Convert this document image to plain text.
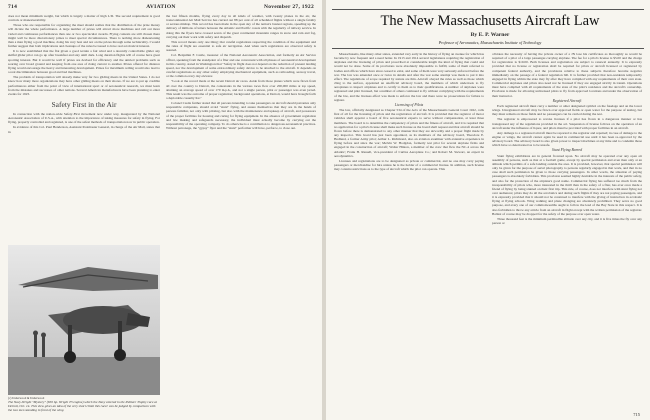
714	AVIATION	November 27, 1922

does not mean minimum weight, but which is largely a matter of high L/D. The second requirement is good controls or maneuverability.

Those who are responsible for organizing the meet should realize that the distribution of the prize money will dictate the whole performance. A large number of prizes will attract more machines and call out more varied and continuous performances than one or two spectacular awards. Flying contests are still chosen there might well be more discretionary prizes to meet special circumstances. There is nothing more disheartening than a man flying a good machine, doing his very best and not on the prizes through some technicality. I would further suggest that both triplications and cleanups of the rules be issued to have real acrobatical interest.

It is now established that the flat given a good terrain a fair wind and a decently controllable glider any skilful glider pilot can go up after breakfast and stay until dark. Long duration flights will of course have great sporting interest. But it would be well if prizes are devised for efficiency and the untried problems such as soaring over broad ground and keeping from one area of rising current to another. Prizes offered for distance flying would encourage the heavy and interesting development. Prizes for maximum ceiling would also lead to a real discrimination between good and bad machines.

The problem of transportation will already make very far two gliding meets in the United States. I do not know how many more organizations may have other gliding meets on their shores. If we are to put up credible performances either from the point of view of international sport or of aeronautical research, we must learn from the mistakes and successes of other nations. Several American manufacturers have been planning to enter events for 1923.

Safety First in the Air

In connection with the nation-wide Safety-First movement now under way, inaugurated by the National Aeronautic Association of U.S.A., with attention to the importance of taking measures for safety in flying. For flying, properly controlled and regulated, is one of the safest methods of transportation now in public operation.

In evidence of this Col. Paul Henderson, Assistant Postmaster General, in charge of the Air Mail, states that in

the last fifteen months, flying every day in all kinds of weather, with twenty planes in the air, the transcontinental Air Mail Service has carried out 88 per cent of all scheduled flights without a single fatality or serious mishap. This record has been made in the open sky of the nation's busiest regions, speeding up the delivery of millions of letters between the Atlantic and Pacific coasts with the regularity of railway service. In doing this the flyers have crossed seven of the great continental mountain ranges in snow and rain and fog, carrying out their work with safety and dispatch.

This record means only one thing; that careful regulations respecting the condition of the equipment and the rules of flight are essential to safe air navigation. And when such regulations are observed safety is assured.

Col. Benjamin F. Castle, treasurer of the National Aeronautic Association, and formerly an Air Service officer, speaking from the standpoint of a flier and one conversant with all phases of aeronautical development in this country, stated in Washington that "Safety in flight does not depend on the reduction of present landing speed, nor the development of some extraordinary safety device to be attached to the aircraft. It depends on careful regulations as any other safety employing mechanical equipment, such as railroading, seaway travel, or the common every day elevator.

"Look at the record made at the recent Detroit air races. Aside from those planes which were flown from all over the country to Detroit, the contestants in the various races flew over 200,000 miles at top speed, attaining an average speed of over 170 m.p.h., and not a single person, pilot or passenger was even jarred. This result was the outcome of proper regulation; background operations, at Detroit, would have brought forth a deplorable casualty list."

Colonel Castle further stated that all persons intending to take passengers on aircraft should patronize only responsible companies, should avoid "stunt" flying, and assure themselves that they are in the hands of persons familiar, not only with piloting, but also with the maintenance and upkeep of aircraft, and possessors of the proper facilities for housing and caring for flying equipment. In the absence of government regulation and law making and safeguards necessary, the individual must actually become by carrying out the responsibility of the operating company. To do otherwise is a contribution to dangerous aeronautical practices. Without patronage, the "gypsy" flyer and the "stunt" performer will have, perforce, to close out.

(c) Underwood & Underwood
The Navy-Wright "Mystery" (650 hp. Wright T3 engine) which the Navy entered in the Pulitzer Trophy race at Detroit, Oct. 14. This view gives an idea of the very short climb this racer can be judged by comparison with the two men standing in front of the wing
The New Massachusetts Aircraft Law
By E. P. Warner
Professor of Aeronautics, Massachusetts Institute of Technology

Massachusetts, like many other states, extended very early in the history of flying an avenue for which has become by now frequent and a need better. In 1913 and 1914 several legislatures requiring the registration of airplanes and the licensing of pilots and proscribed at considerable length the kind of flying that could and would not be done. Some of its provisions were absolutely impossible to fulfill, some of them referred to bodies and offices which have since ceased to exist, and some of them were very seriously enforced before the war. The law was amended once or twice in details and after the war some attempt was made to put it into effect. The regulations of scope required by statute are thin. Aircraft obeyed the rules as well as those which cling to the surface, appointed an unofficial advisory board, the members of which undertook to fly aeroplanes to inspect airplanes and to certify to them as to their qualifications. A number of airplanes were registered and pilot licensed, but a number of others continued to fly without complying with the requirements of the law, and the licenses effect was made to enforce the law and there were no prosecutions for failure to register.

Licensing of Pilots

The law, officially designated as Chapter 534 of the Acts of the Massachusetts General Court 1922, calls first of all for the licensing of pilots and the registration of aircraft. It is provided that the registrar of motor vehicles shall appoint a board of five aeronautical experts to serve without compensation, at least three members. The board is to determine the competency of pilots and the fitness of aircraft, and it is required that no application for a pilot's license shall make such license as the board shall request and that aircraft should be flown before there is demonstrated to any other manner that they are airworthy and a proper flight made by any inspector. This board has just been appointed, as its members of the advisory board, Theodore E. Hedlund, a former Army pilot; Arthur L. Richmond, also an aviation examiner with extensive experience in flying before and since the war; Melvin W. Hodgdon, formerly test pilot for several airplane firms and engaged in the construction of aircraft; Walter Hinton, a member of the crew that flew the NC-4 across the Atlantic; Frank H. Russell, vice-president of Curtiss Aeroplane Co.; and Robert M. Stewart, an expert in aerodynamics.

Licenses and registrations are to be designated as private or commercial, and no one may carry paying passengers or merchandise for hire unless he is the holder of a commercial license. In addition, such license may contain restrictions as to the type of aircraft which the pilot can operate. This

obviates the necessity of having the private owner of a JN lose his certificates as thoroughly as would be required of a pilot of a large passenger-carrying airplane. The fee for a pilot's license is $5.00 and the charge for registration is $10.00. Both licenses and registration are subject to renewal annually. It is expressly provided that no license or registration shall be required for pilots or aircraft licensed or registered by competent federal authority, and the provisions relative to these subjects therefore become negative immediately on the passage of a federal regulation bill. It is further provided that non-residents temporarily engaged in flying within the state may fly after they have complied with any requirements of their own state. Commercial airplanes and pilots also need not be licensed if they are engaged strictly in transit. Operations must have complied with all requirements of the state of the pilot's residence and the aircraft's ownership. Provision is made for allowing unlicensed pilots to fly from approved locations and under the observation of their instructor.

Registered Aircraft

Each registered aircraft must carry a number or other designated symbol on the fuselage and on the lower wings. Unregistered aircraft may be flown over approved fields or open water for the purpose of testing, but they must remain on those fields and no passengers can be carried during the test.

The registrar is empowered to revoke licenses if a pilot has flown in a dangerous manner or has transgressed any of the regulations provided in the act. Suspension of license follows on the operation of an aircraft under the influence of liquor, and pilots must be provided with proper facilities in an aircraft.

Any damage to a registered aircraft must be reported to the registrar and repaired; in case of damage to the engine or wings, the aircraft cannot again be used in commercial use until it has been re-approved by the advisory board. The advisory board is also given power to inspect machines at any time and to condemn those which have so deteriorated as to be unsafe.

Stunt Flying Barred

Stunt flying exhibitions are in general frowned upon. No aircraft may be operated over any open air assembly of persons, such as that at a football game, except by special permission and even then only at an altitude which permits of a safe landing outside the area. It is provided, however, that special permission will only be given for the purpose of aerial photography to persons regularly engaged in that work, and that in no case shall such permission be given to those carrying passengers. In other words, the situation of paying passengers is absolutely forbidden. This provision seemed highly desirable in the interests of the public safety, and also for the protection of the airplane's good name. Commercial flying has suffered too much from the irresponsibility of pilots who, more interested in the thrill than in the safety of a flier, has ever once made a friend of flying by being stunted on their first trip. This rule, of course, does not interfere with stunt flying not over audiences; pilots may do all the acrobatics and daring such flights if they are not paying passengers, and it is expressly provided that it should not be construed to interfere with the giving of instruction in acrobatic flying at flying schools. Wing walking and plane changing are absolutely prohibited. They serve no good purpose, and every one of our commonwealths ought to follow the lead of the Bay State in this respect. It is also forbidden to throw any article from an aircraft in flight except with the written permission of the registrar. Ballast of course may be dropped for the safety of the purpose over open water.

Three thousand feet is the minimum permissible altitude over any city, and it is five times the fly over any person or

715
